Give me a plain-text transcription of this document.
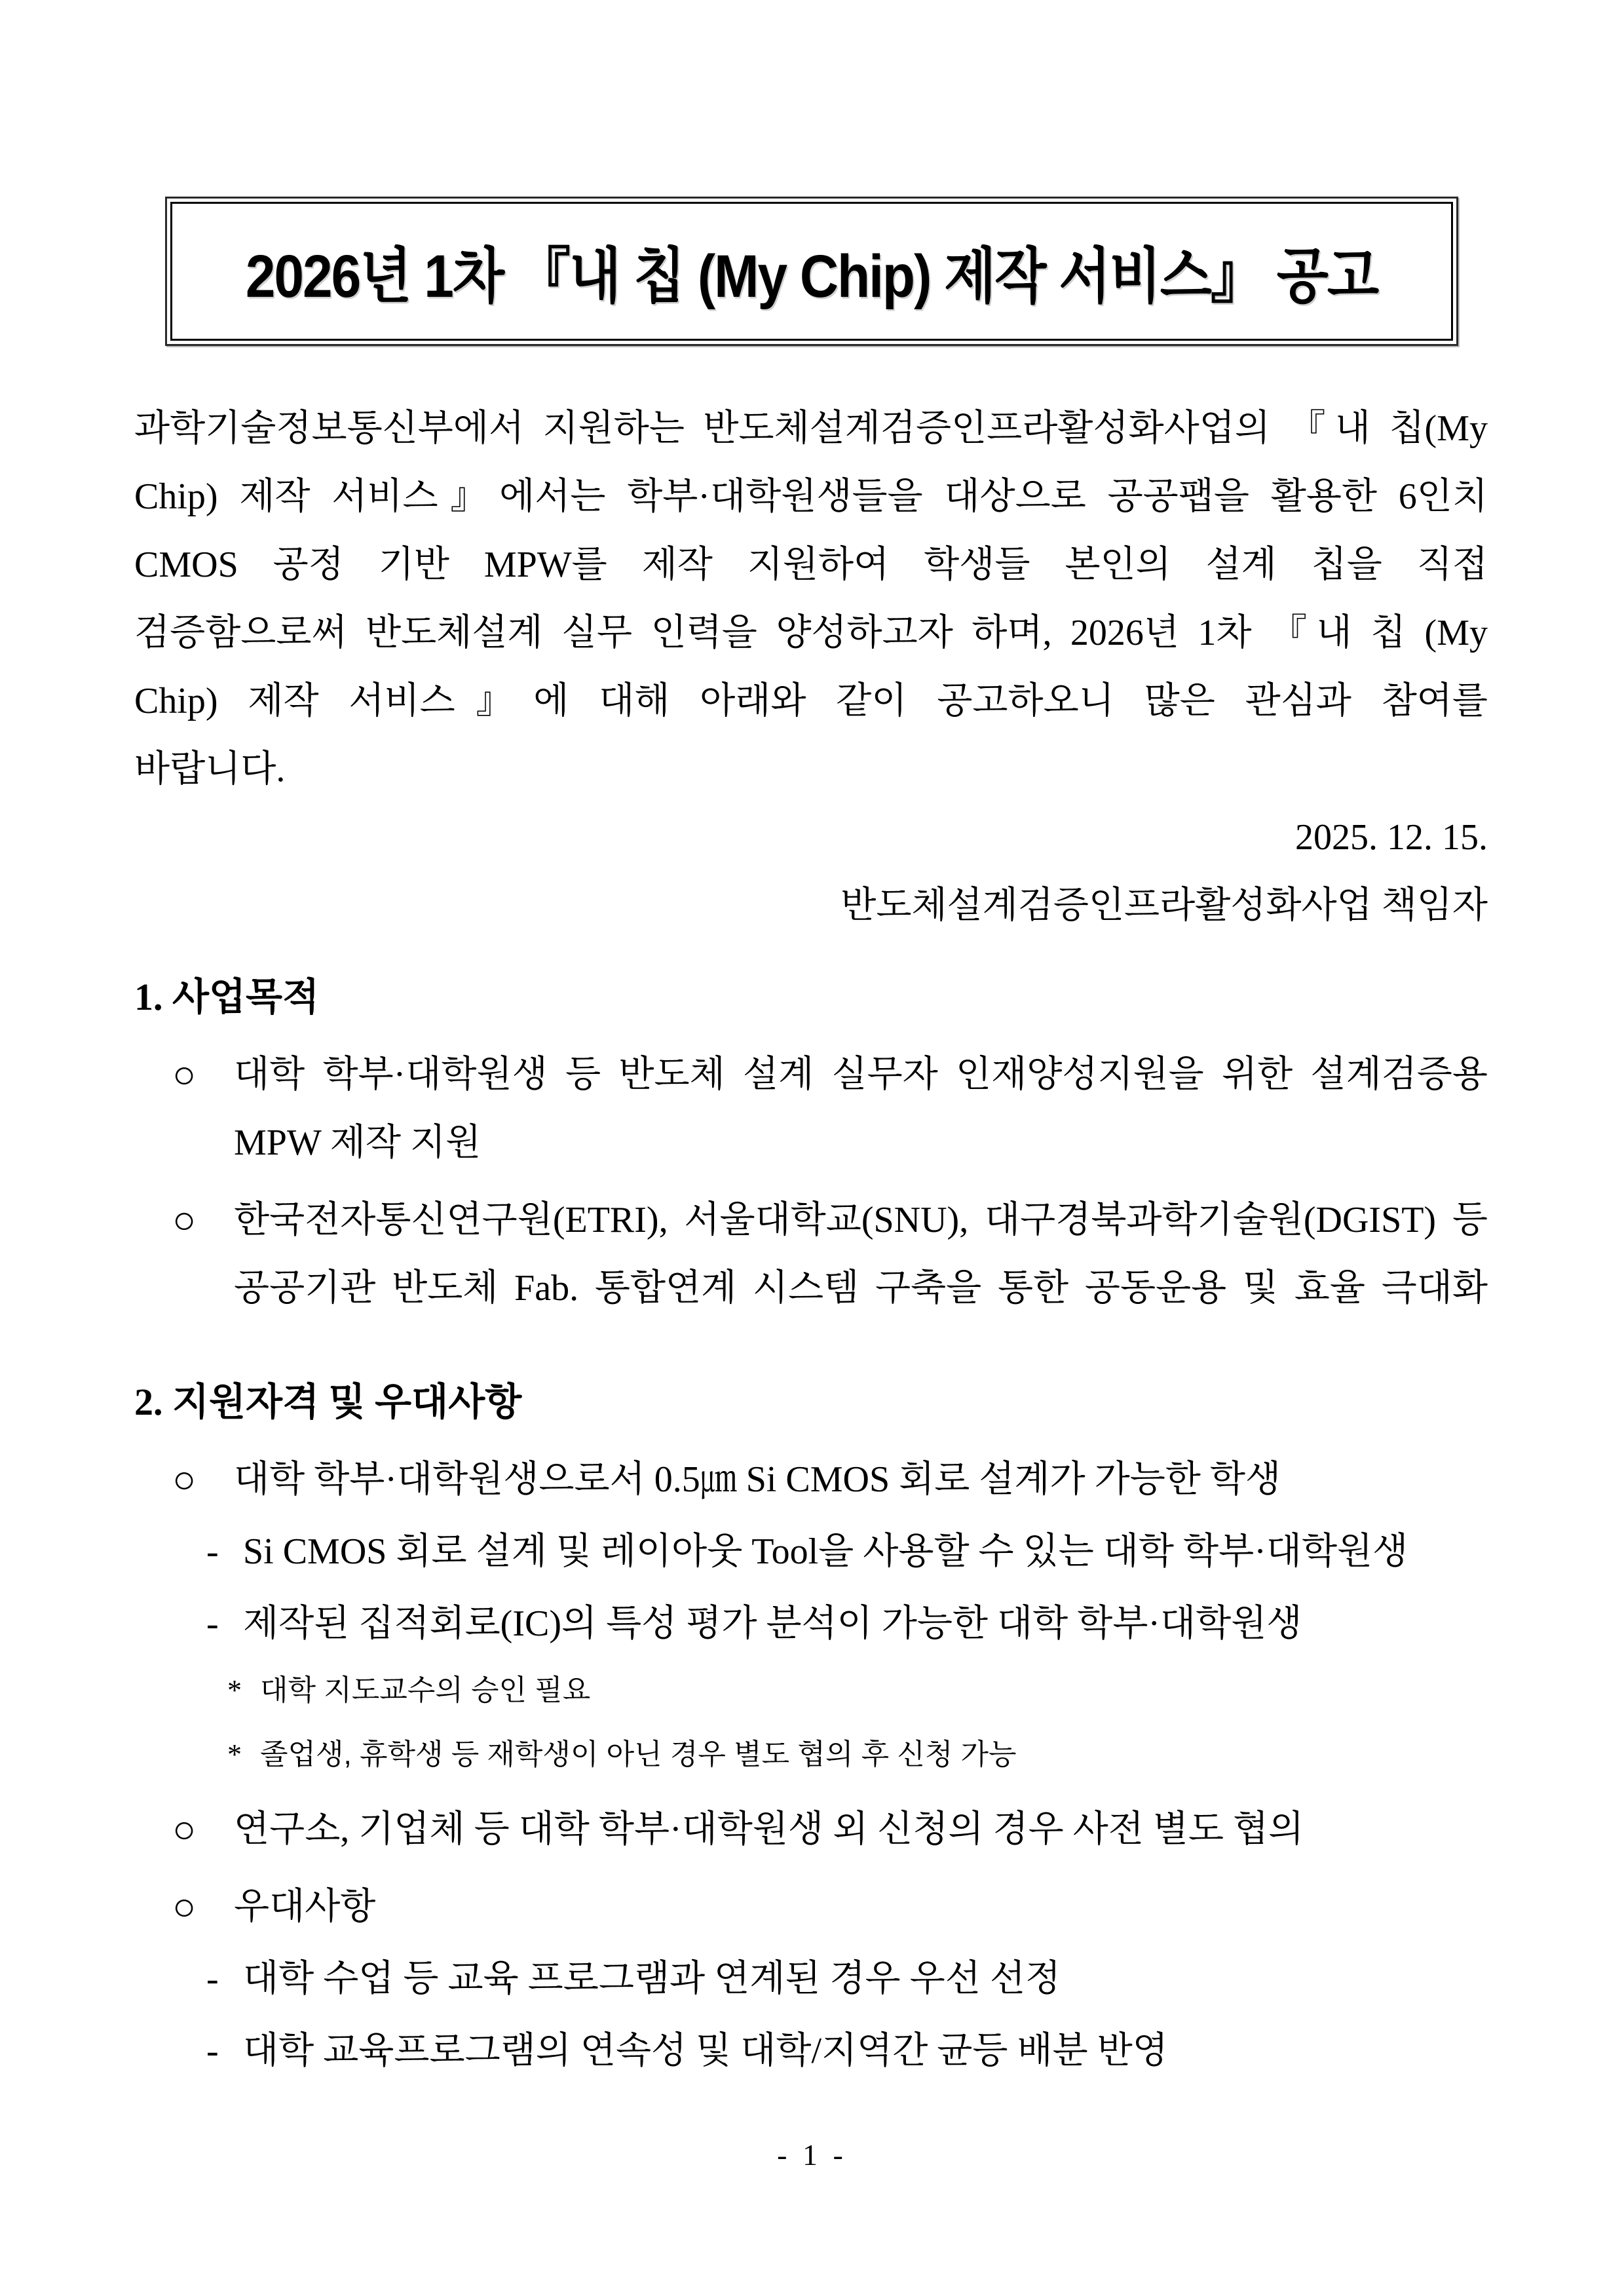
2026년 1차 『내 칩 (My Chip) 제작 서비스』 공고

과학기술정보통신부에서 지원하는 반도체설계검증인프라활성화사업의 『내 칩(My

Chip) 제작 서비스』에서는 학부·대학원생들을 대상으로 공공팹을 활용한 6인치

CMOS 공정 기반 MPW를 제작 지원하여 학생들 본인의 설계 칩을 직접

검증함으로써 반도체설계 실무 인력을 양성하고자 하며, 2026년 1차 『내 칩 (My

Chip) 제작 서비스』에 대해 아래와 같이 공고하오니 많은 관심과 참여를

바랍니다.

2025. 12. 15.

반도체설계검증인프라활성화사업 책임자

1. 사업목적
○	대학 학부·대학원생 등 반도체 설계 실무자 인재양성지원을 위한 설계검증용
MPW 제작 지원
○	한국전자통신연구원(ETRI), 서울대학교(SNU), 대구경북과학기술원(DGIST) 등
공공기관 반도체 Fab. 통합연계 시스템 구축을 통한 공동운용 및 효율 극대화
2. 지원자격 및 우대사항
○	대학 학부·대학원생으로서 0.5㎛ Si CMOS 회로 설계가 가능한 학생
- Si CMOS 회로 설계 및 레이아웃 Tool을 사용할 수 있는 대학 학부·대학원생
- 제작된 집적회로(IC)의 특성 평가 분석이 가능한 대학 학부·대학원생
* 대학 지도교수의 승인 필요
* 졸업생, 휴학생 등 재학생이 아닌 경우 별도 협의 후 신청 가능
○	연구소, 기업체 등 대학 학부·대학원생 외 신청의 경우 사전 별도 협의
○	우대사항
- 대학 수업 등 교육 프로그램과 연계된 경우 우선 선정
- 대학 교육프로그램의 연속성 및 대학/지역간 균등 배분 반영
- 1 -
